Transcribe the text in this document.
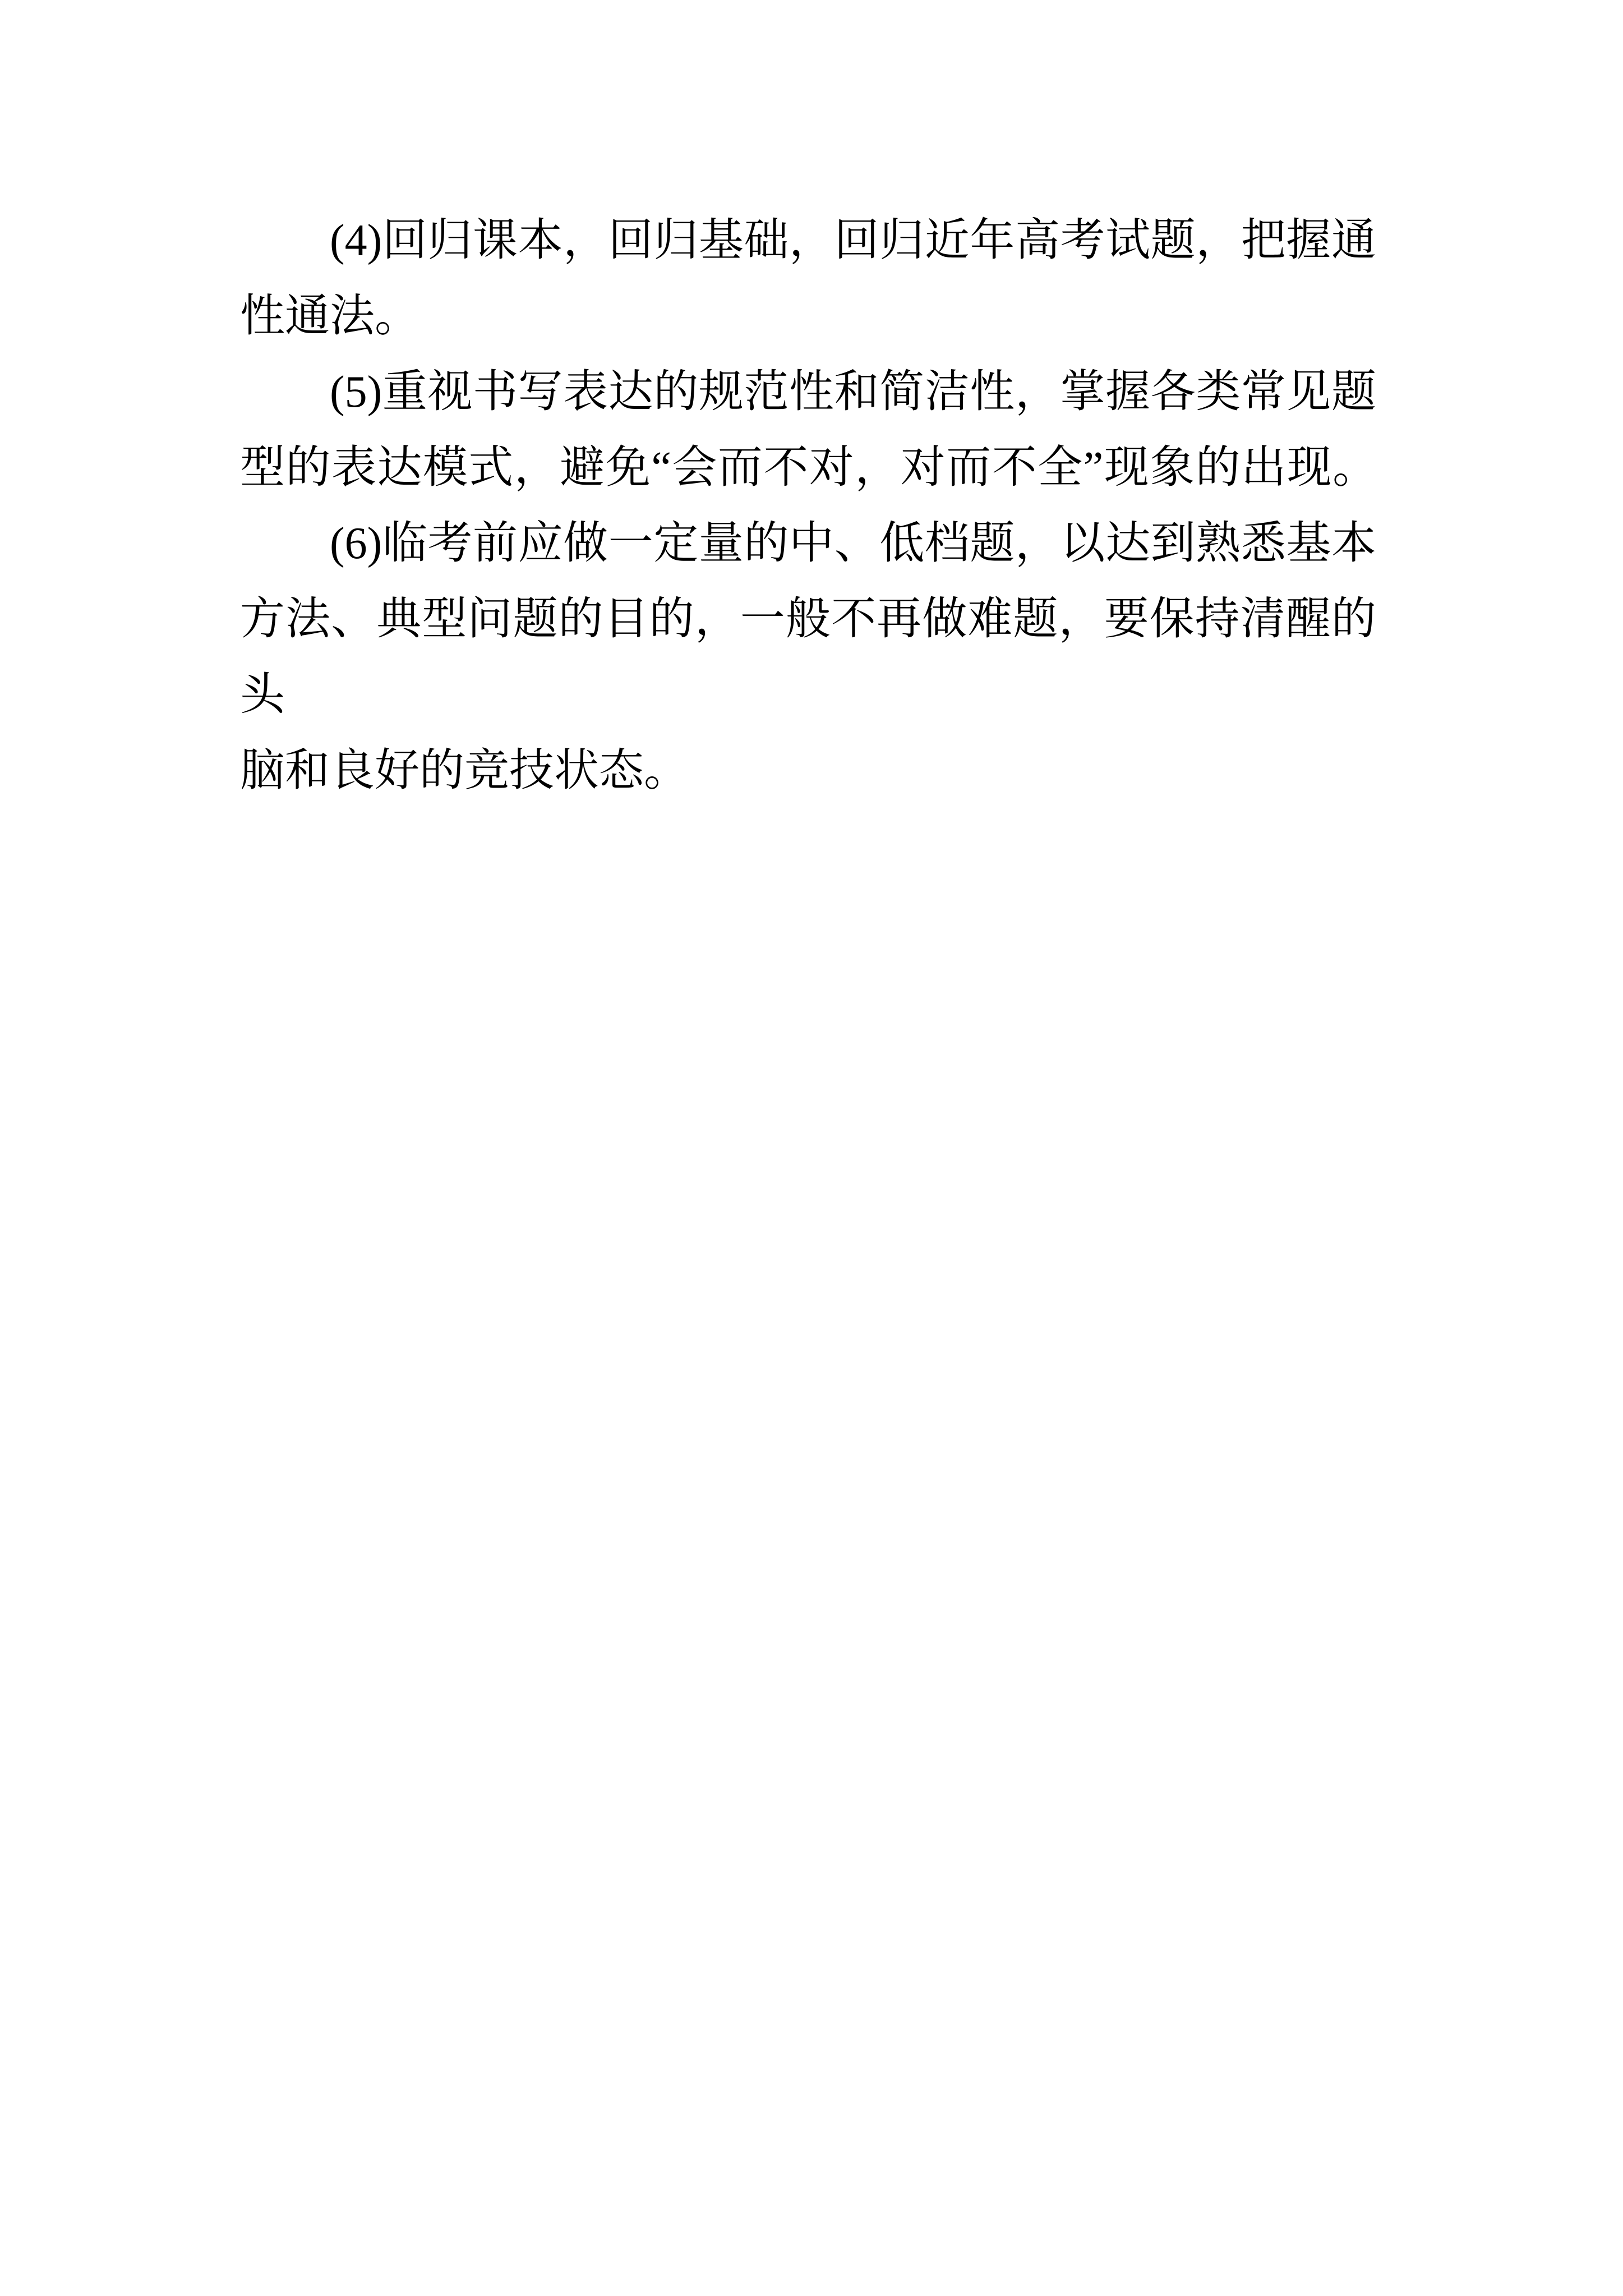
(4)回归课本，回归基础，回归近年高考试题，把握通
性通法。
(5)重视书写表达的规范性和简洁性，掌握各类常见题
型的表达模式，避免“会而不对，对而不全”现象的出现。
(6)临考前应做一定量的中、低档题，以达到熟悉基本
方法、典型问题的目的，一般不再做难题，要保持清醒的头
脑和良好的竞技状态。
